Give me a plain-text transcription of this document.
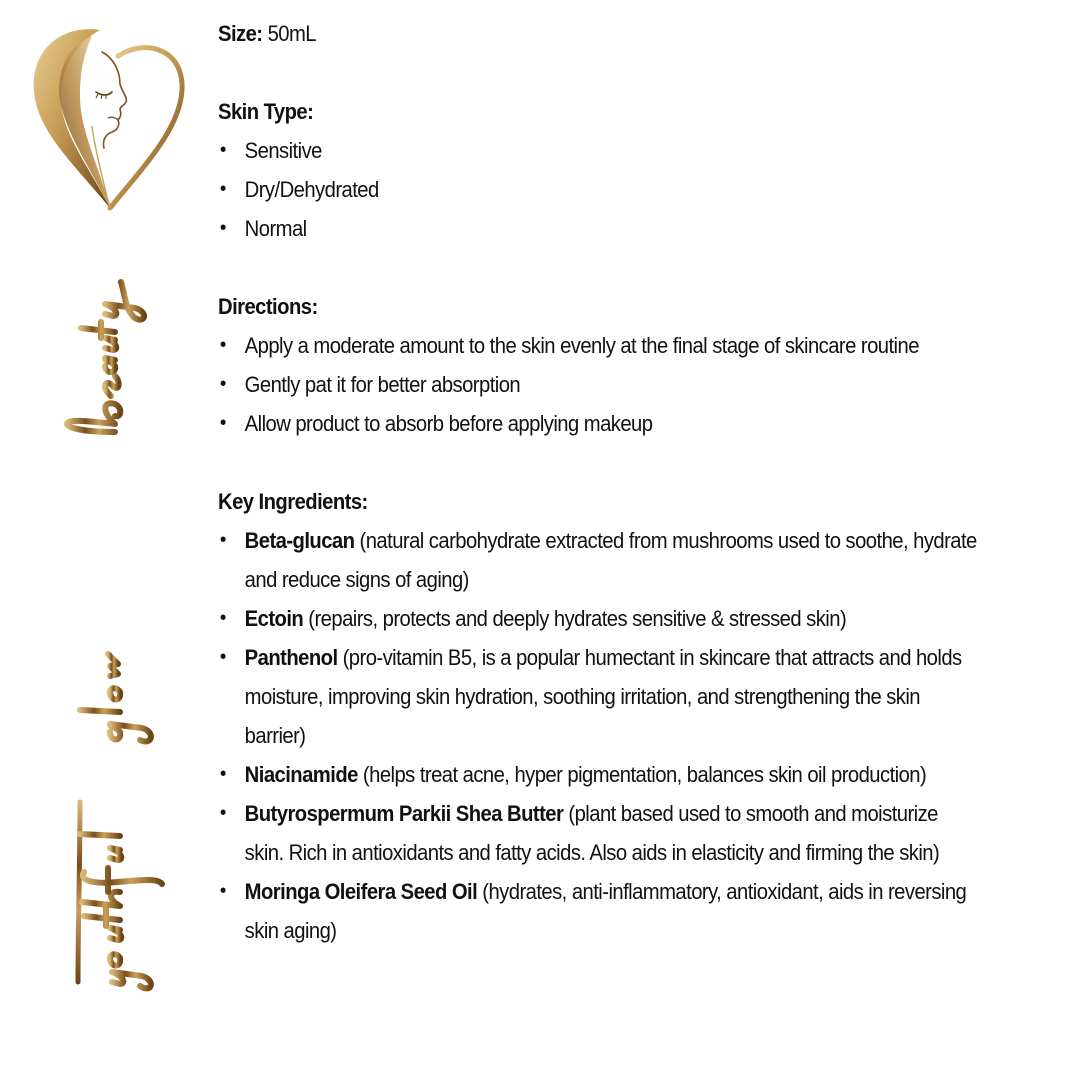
Size: 50mL
Skin Type:
• Sensitive
• Dry/Dehydrated
• Normal
Directions:
• Apply a moderate amount to the skin evenly at the final stage of skincare routine
• Gently pat it for better absorption
• Allow product to absorb before applying makeup
Key Ingredients:
• Beta-glucan (natural carbohydrate extracted from mushrooms used to soothe, hydrate and reduce signs of aging)
• Ectoin (repairs, protects and deeply hydrates sensitive & stressed skin)
• Panthenol (pro-vitamin B5, is a popular humectant in skincare that attracts and holds moisture, improving skin hydration, soothing irritation, and strengthening the skin barrier)
• Niacinamide (helps treat acne, hyper pigmentation, balances skin oil production)
• Butyrospermum Parkii Shea Butter (plant based used to smooth and moisturize skin. Rich in antioxidants and fatty acids. Also aids in elasticity and firming the skin)
• Moringa Oleifera Seed Oil (hydrates, anti-inflammatory, antioxidant, aids in reversing skin aging)
